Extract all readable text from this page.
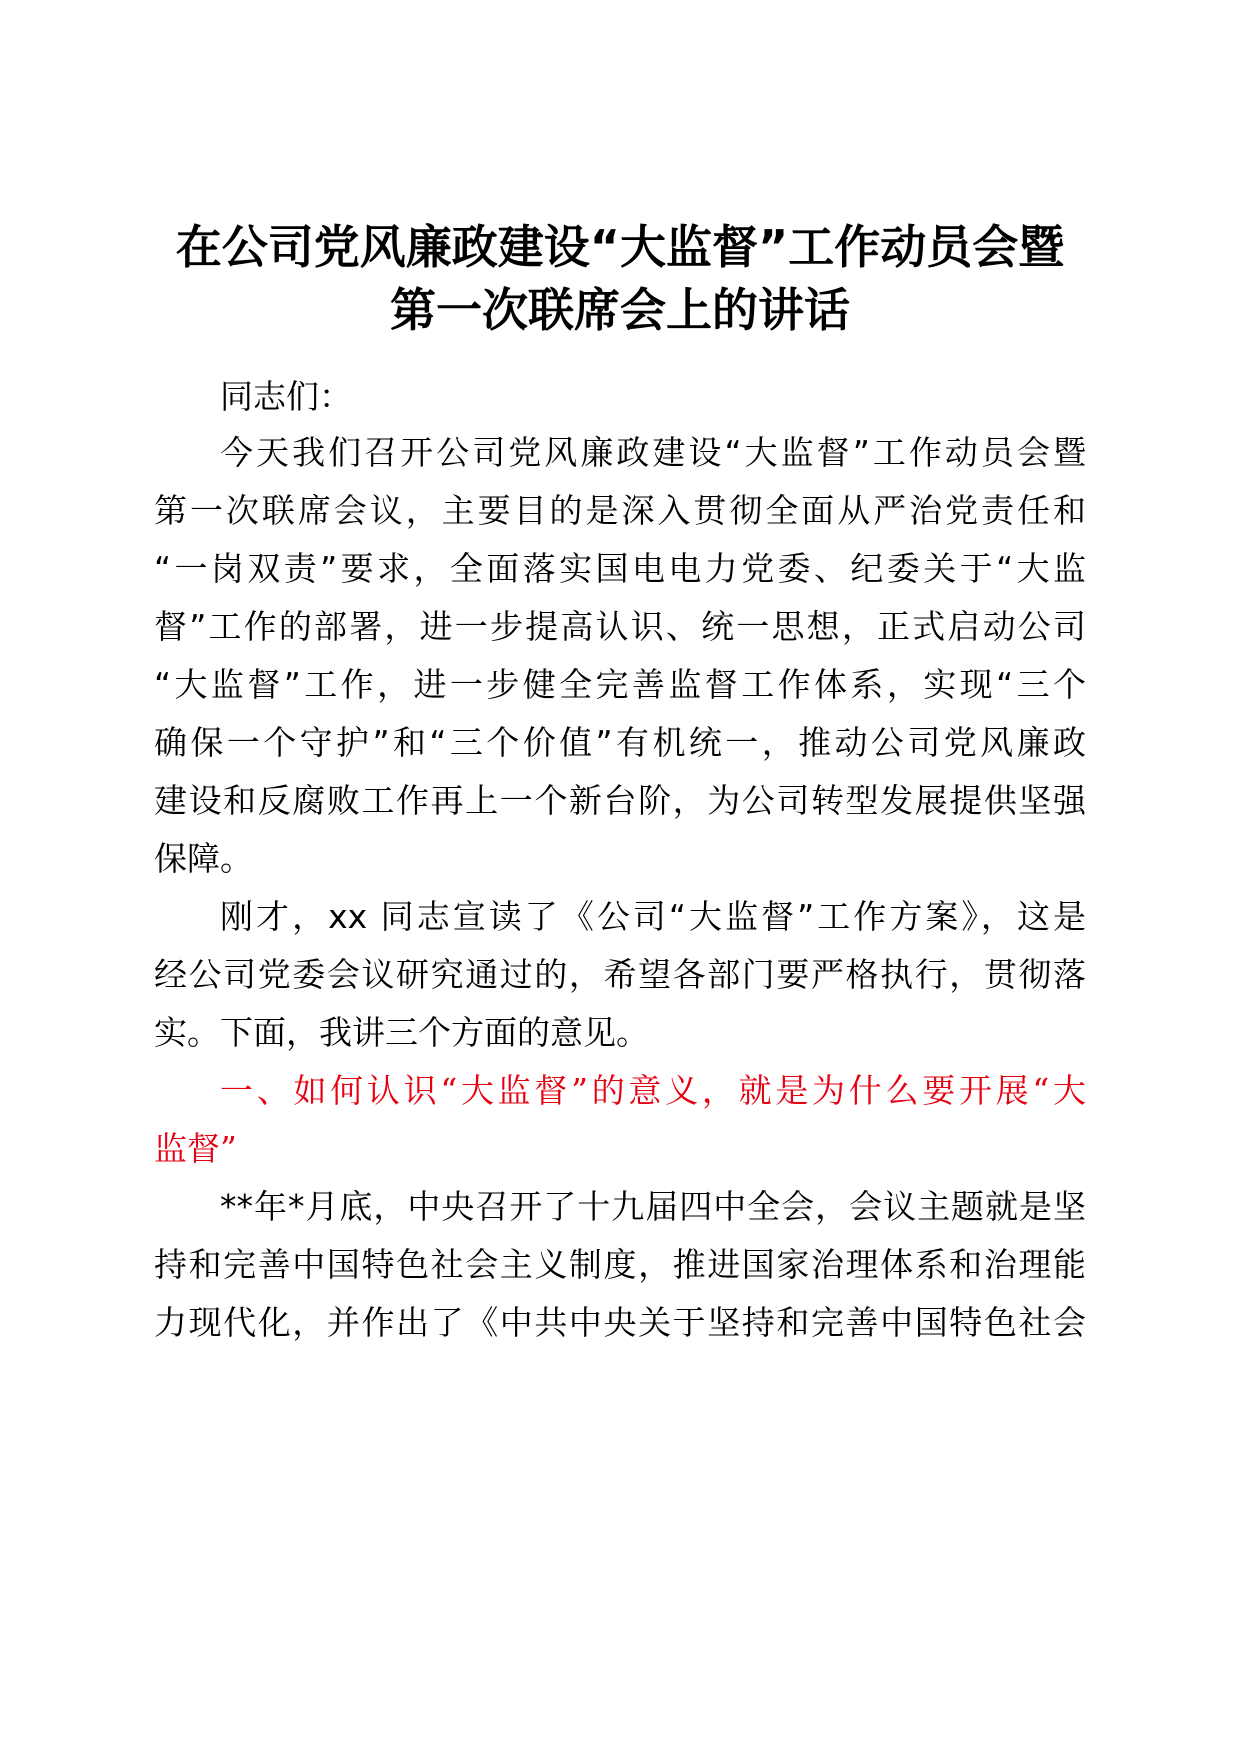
在公司党风廉政建设“大监督”工作动员会暨
第一次联席会上的讲话
同志们：
今天我们召开公司党风廉政建设“大监督”工作动员会暨
第一次联席会议，主要目的是深入贯彻全面从严治党责任和
“一岗双责”要求，全面落实国电电力党委、纪委关于“大监
督”工作的部署，进一步提高认识、统一思想，正式启动公司
“大监督”工作，进一步健全完善监督工作体系，实现“三个
确保一个守护”和“三个价值”有机统一，推动公司党风廉政
建设和反腐败工作再上一个新台阶，为公司转型发展提供坚强
保障。
刚才，xx 同志宣读了《公司“大监督”工作方案》，这是
经公司党委会议研究通过的，希望各部门要严格执行，贯彻落
实。下面，我讲三个方面的意见。
一、如何认识“大监督”的意义，就是为什么要开展“大
监督”
**年*月底，中央召开了十九届四中全会，会议主题就是坚
持和完善中国特色社会主义制度，推进国家治理体系和治理能
力现代化，并作出了《中共中央关于坚持和完善中国特色社会
